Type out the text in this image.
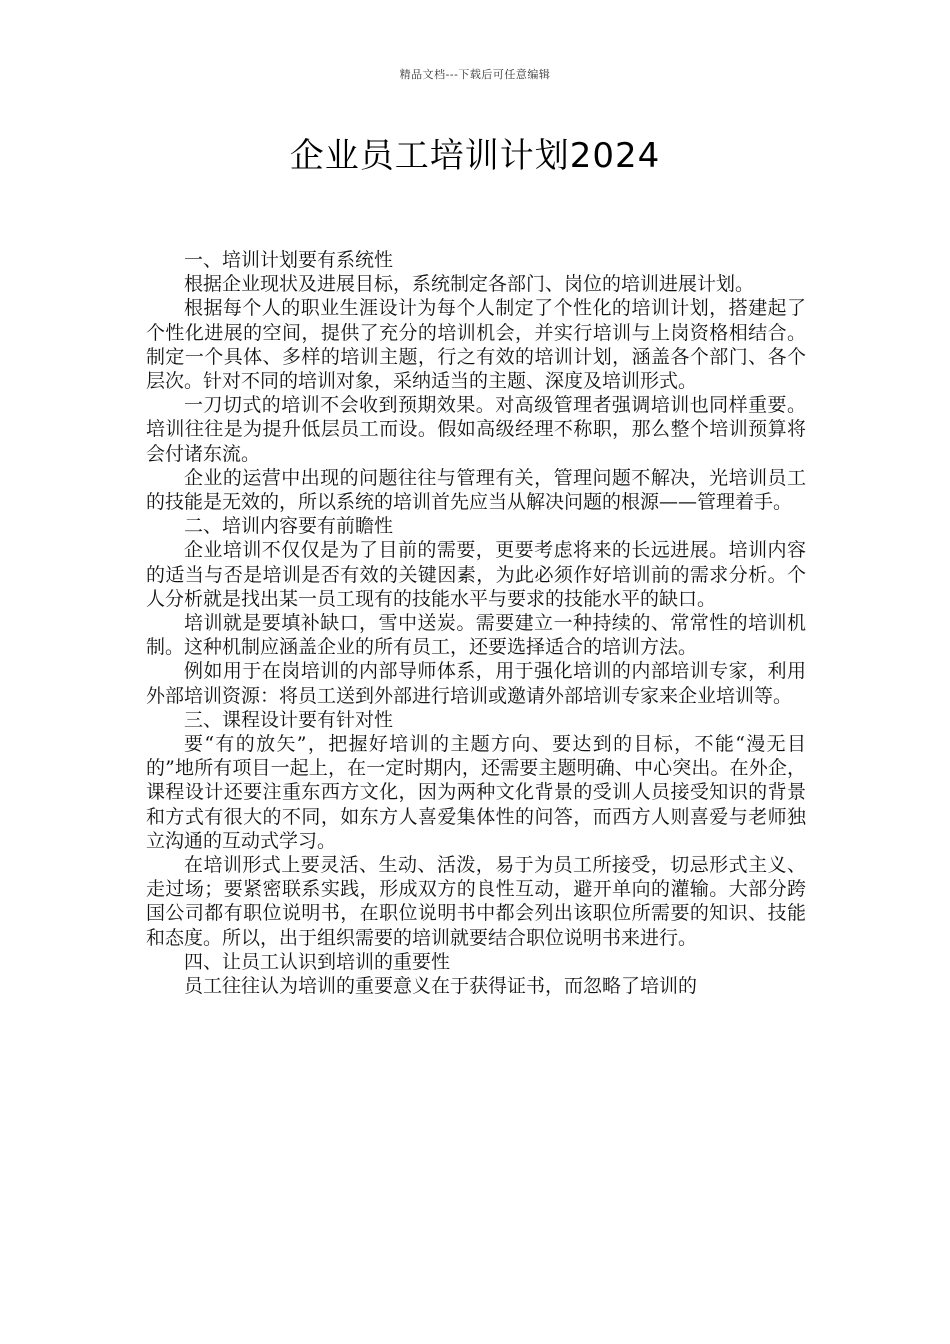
精品文档---下载后可任意编辑
企业员工培训计划2024

一、培训计划要有系统性

根据企业现状及进展目标，系统制定各部门、岗位的培训进展计划。

根据每个人的职业生涯设计为每个人制定了个性化的培训计划，搭建起了个性化进展的空间，提供了充分的培训机会，并实行培训与上岗资格相结合。制定一个具体、多样的培训主题，行之有效的培训计划，涵盖各个部门、各个层次。针对不同的培训对象，采纳适当的主题、深度及培训形式。

一刀切式的培训不会收到预期效果。对高级管理者强调培训也同样重要。培训往往是为提升低层员工而设。假如高级经理不称职，那么整个培训预算将会付诸东流。

企业的运营中出现的问题往往与管理有关，管理问题不解决，光培训员工的技能是无效的，所以系统的培训首先应当从解决问题的根源——管理着手。

二、培训内容要有前瞻性

企业培训不仅仅是为了目前的需要，更要考虑将来的长远进展。培训内容的适当与否是培训是否有效的关键因素，为此必须作好培训前的需求分析。个人分析就是找出某一员工现有的技能水平与要求的技能水平的缺口。

培训就是要填补缺口，雪中送炭。需要建立一种持续的、常常性的培训机制。这种机制应涵盖企业的所有员工，还要选择适合的培训方法。

例如用于在岗培训的内部导师体系，用于强化培训的内部培训专家，利用外部培训资源：将员工送到外部进行培训或邀请外部培训专家来企业培训等。

三、课程设计要有针对性

要“有的放矢”，把握好培训的主题方向、要达到的目标，不能“漫无目的”地所有项目一起上，在一定时期内，还需要主题明确、中心突出。在外企，课程设计还要注重东西方文化，因为两种文化背景的受训人员接受知识的背景和方式有很大的不同，如东方人喜爱集体性的问答，而西方人则喜爱与老师独立沟通的互动式学习。

在培训形式上要灵活、生动、活泼，易于为员工所接受，切忌形式主义、走过场；要紧密联系实践，形成双方的良性互动，避开单向的灌输。大部分跨国公司都有职位说明书，在职位说明书中都会列出该职位所需要的知识、技能和态度。所以，出于组织需要的培训就要结合职位说明书来进行。

四、让员工认识到培训的重要性

员工往往认为培训的重要意义在于获得证书，而忽略了培训的
